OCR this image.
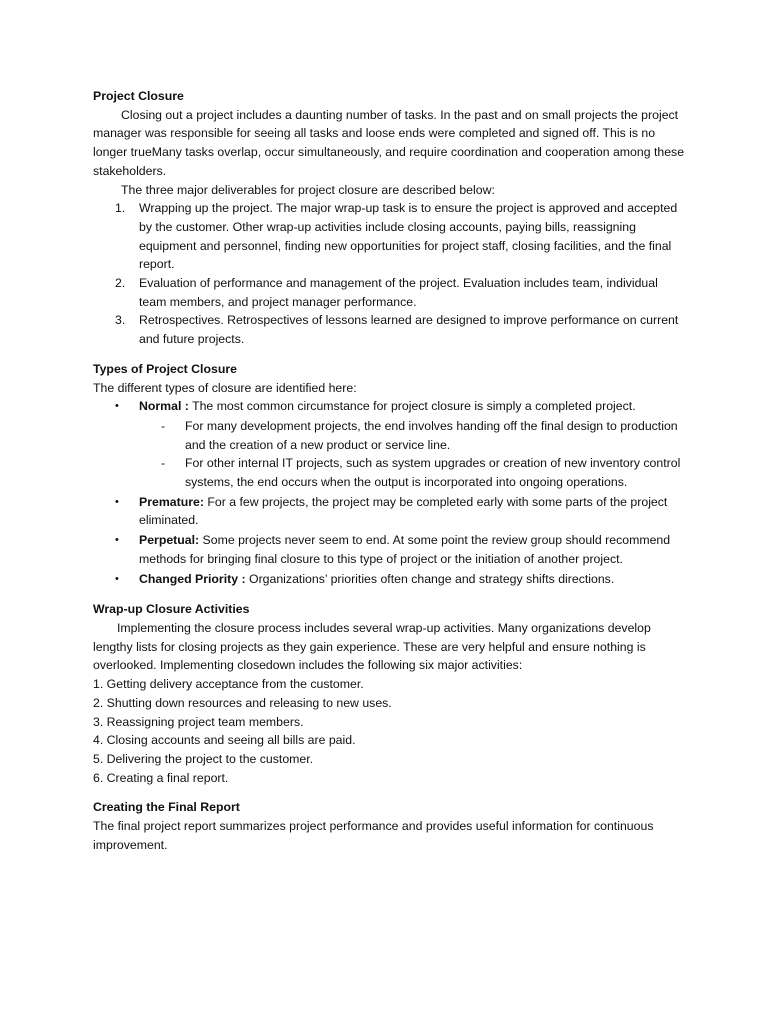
Project Closure

Closing out a project includes a daunting number of tasks. In the past and on small projects the project manager was responsible for seeing all tasks and loose ends were completed and signed off. This is no longer trueMany tasks overlap, occur simultaneously, and require coordination and cooperation among these stakeholders.

The three major deliverables for project closure are described below:

1. Wrapping up the project. The major wrap-up task is to ensure the project is approved and accepted by the customer. Other wrap-up activities include closing accounts, paying bills, reassigning equipment and personnel, finding new opportunities for project staff, closing facilities, and the final report.
2. Evaluation of performance and management of the project. Evaluation includes team, individual team members, and project manager performance.
3. Retrospectives. Retrospectives of lessons learned are designed to improve performance on current and future projects.
Types of Project Closure

The different types of closure are identified here:

• Normal : The most common circumstance for project closure is simply a completed project.
- For many development projects, the end involves handing off the final design to production and the creation of a new product or service line.
- For other internal IT projects, such as system upgrades or creation of new inventory control systems, the end occurs when the output is incorporated into ongoing operations.
• Premature: For a few projects, the project may be completed early with some parts of the project eliminated.
• Perpetual: Some projects never seem to end. At some point the review group should recommend methods for bringing final closure to this type of project or the initiation of another project.
• Changed Priority : Organizations’ priorities often change and strategy shifts directions.
Wrap-up Closure Activities

Implementing the closure process includes several wrap-up activities. Many organizations develop lengthy lists for closing projects as they gain experience. These are very helpful and ensure nothing is overlooked. Implementing closedown includes the following six major activities:

1. Getting delivery acceptance from the customer.

2. Shutting down resources and releasing to new uses.

3. Reassigning project team members.

4. Closing accounts and seeing all bills are paid.

5. Delivering the project to the customer.

6. Creating a final report.

Creating the Final Report

The final project report summarizes project performance and provides useful information for continuous improvement.
